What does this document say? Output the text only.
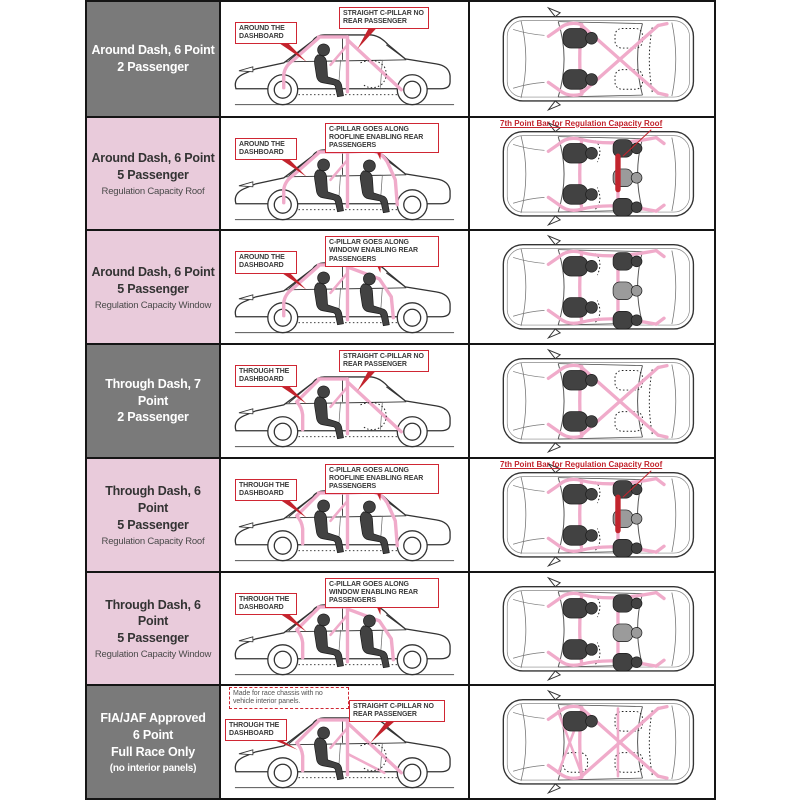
Around Dash, 6 Point
2 Passenger
AROUND THE DASHBOARD
STRAIGHT C-PILLAR NO REAR PASSENGER
Around Dash, 6 Point
5 Passenger
Regulation Capacity Roof
AROUND THE DASHBOARD
C-PILLAR GOES ALONG ROOFLINE ENABLING REAR PASSENGERS
7th Point Bar for Regulation Capacity Roof
Around Dash, 6 Point
5 Passenger
Regulation Capacity Window
AROUND THE DASHBOARD
C-PILLAR GOES ALONG WINDOW ENABLING REAR PASSENGERS
Through Dash, 7 Point
2 Passenger
THROUGH THE DASHBOARD
STRAIGHT C-PILLAR NO REAR PASSENGER
Through Dash, 6 Point
5 Passenger
Regulation Capacity Roof
THROUGH THE DASHBOARD
C-PILLAR GOES ALONG ROOFLINE ENABLING REAR PASSENGERS
7th Point Bar for Regulation Capacity Roof
Through Dash, 6 Point
5 Passenger
Regulation Capacity Window
THROUGH THE DASHBOARD
C-PILLAR GOES ALONG WINDOW ENABLING REAR PASSENGERS
FIA/JAF Approved
6 Point
Full Race Only
(no interior panels)
Made for race chassis with no vehicle interior panels.
THROUGH THE DASHBOARD
STRAIGHT C-PILLAR NO REAR PASSENGER
